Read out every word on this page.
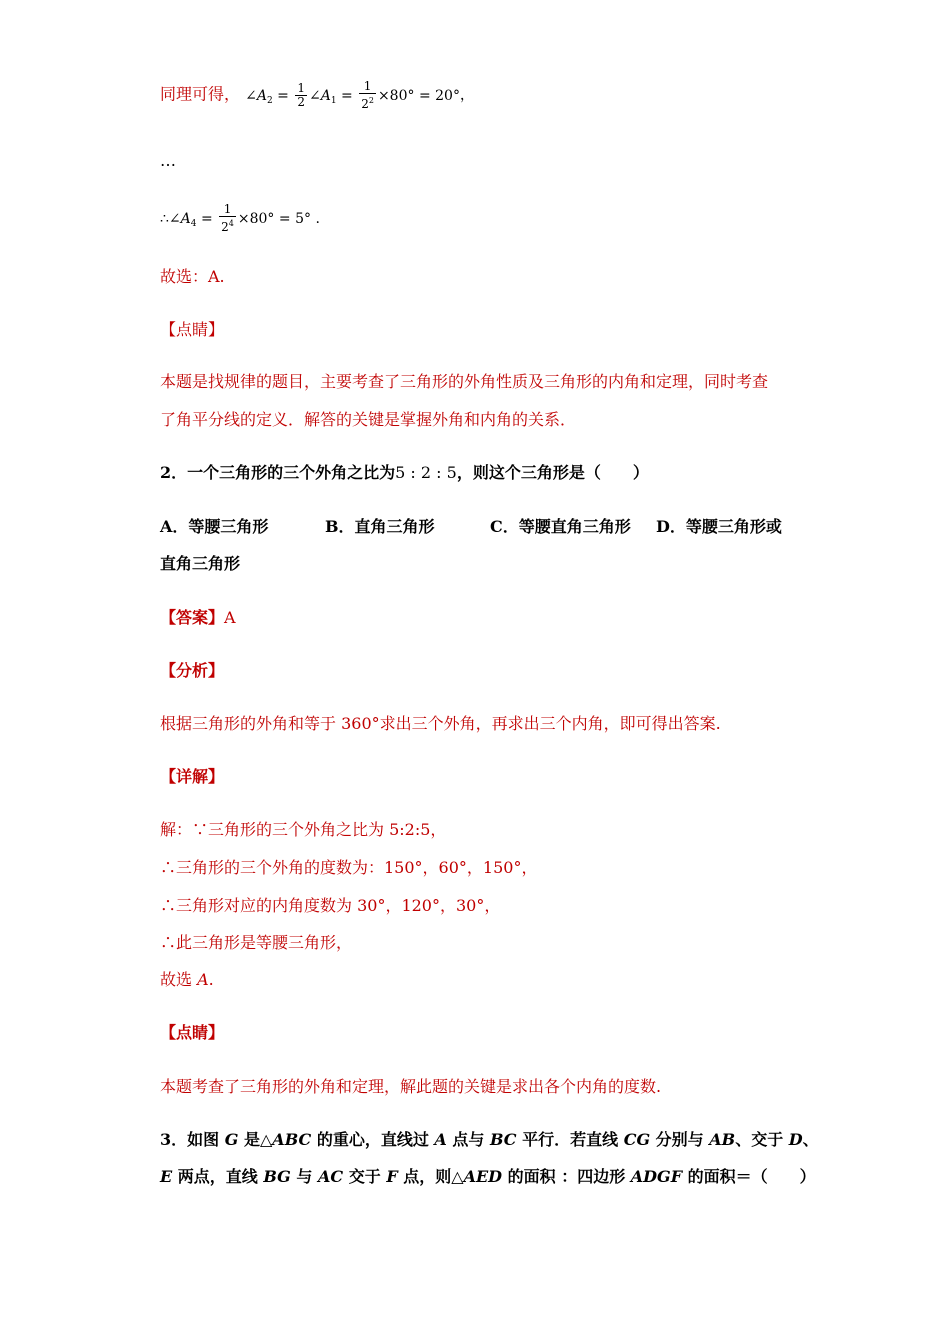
同理可得， $\angle A_2 = \frac{1}{2}$ $\angle A_1 = \frac{1}{2^2} \times 80^\circ = 20^\circ$，
…
$\therefore\angle A_4 = \frac{1}{2^4} \times 80^\circ = 5^\circ$ .
故选：A.
【点睛】
本题是找规律的题目，主要考查了三角形的外角性质及三角形的内角和定理，同时考查
了角平分线的定义．解答的关键是掌握外角和内角的关系．
2．一个三角形的三个外角之比为5 : 2 : 5，则这个三角形是（　　）
A．等腰三角形	B．直角三角形	C．等腰直角三角形 D．等腰三角形或
直角三角形
【答案】A
【分析】
根据三角形的外角和等于 360°求出三个外角，再求出三个内角，即可得出答案.
【详解】
解：∵三角形的三个外角之比为 5:2:5，
∴三角形的三个外角的度数为：150°，60°，150°，
∴三角形对应的内角度数为 30°，120°，30°，
∴此三角形是等腰三角形，
故选 A.
【点睛】
本题考查了三角形的外角和定理，解此题的关键是求出各个内角的度数.
3．如图 G 是△ABC 的重心，直线过 A 点与 BC 平行．若直线 CG 分别与 AB、交于 D、
E 两点，直线 BG 与 AC 交于 F 点，则△AED 的面积 ：四边形 ADGF 的面积＝（　　）
